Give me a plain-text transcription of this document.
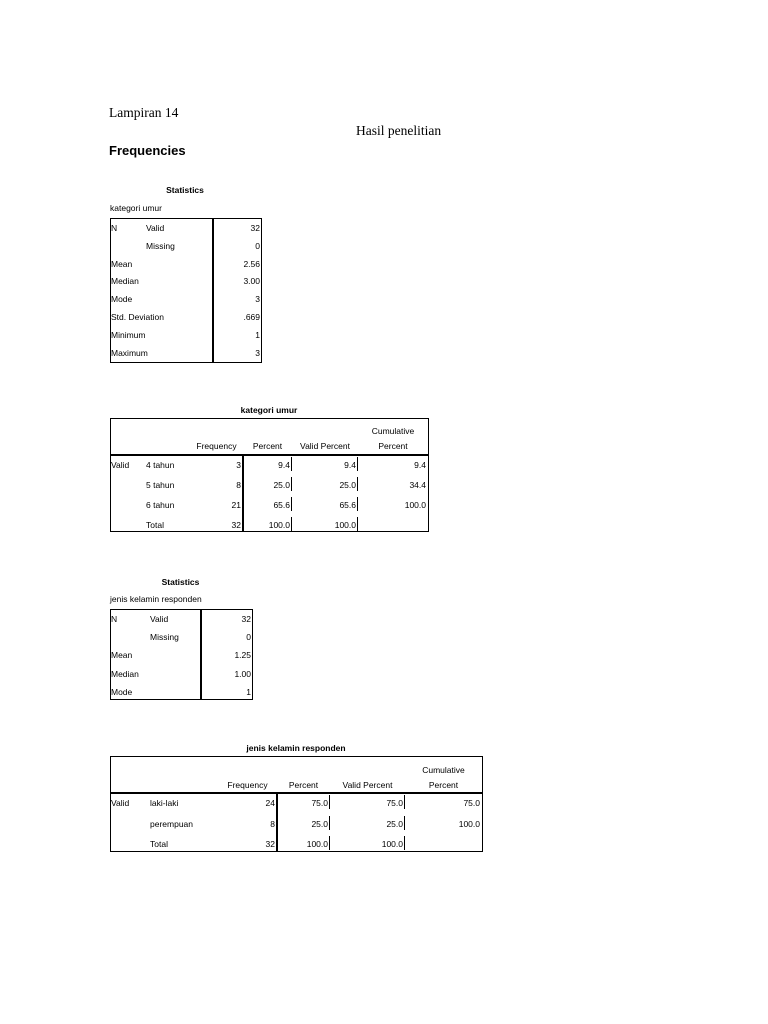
Lampiran 14
Hasil penelitian
Frequencies
Statistics
kategori umur
N	Valid	32
Missing	0
Mean	2.56
Median	3.00
Mode	3
Std. Deviation	.669
Minimum	1
Maximum	3
kategori umur
Frequency	Percent	Valid Percent
Cumulative
Percent
Valid 4 tahun	3	9.4	9.4	9.4
5 tahun	8	25.0	25.0	34.4
6 tahun	21	65.6	65.6	100.0
Total	32	100.0	100.0
Statistics
jenis kelamin responden
N	Valid	32
Missing	0
Mean	1.25
Median	1.00
Mode	1
jenis kelamin responden
Frequency	Percent	Valid Percent
Cumulative
Percent
Valid laki-laki	24	75.0	75.0	75.0
perempuan	8	25.0	25.0	100.0
Total	32	100.0	100.0
